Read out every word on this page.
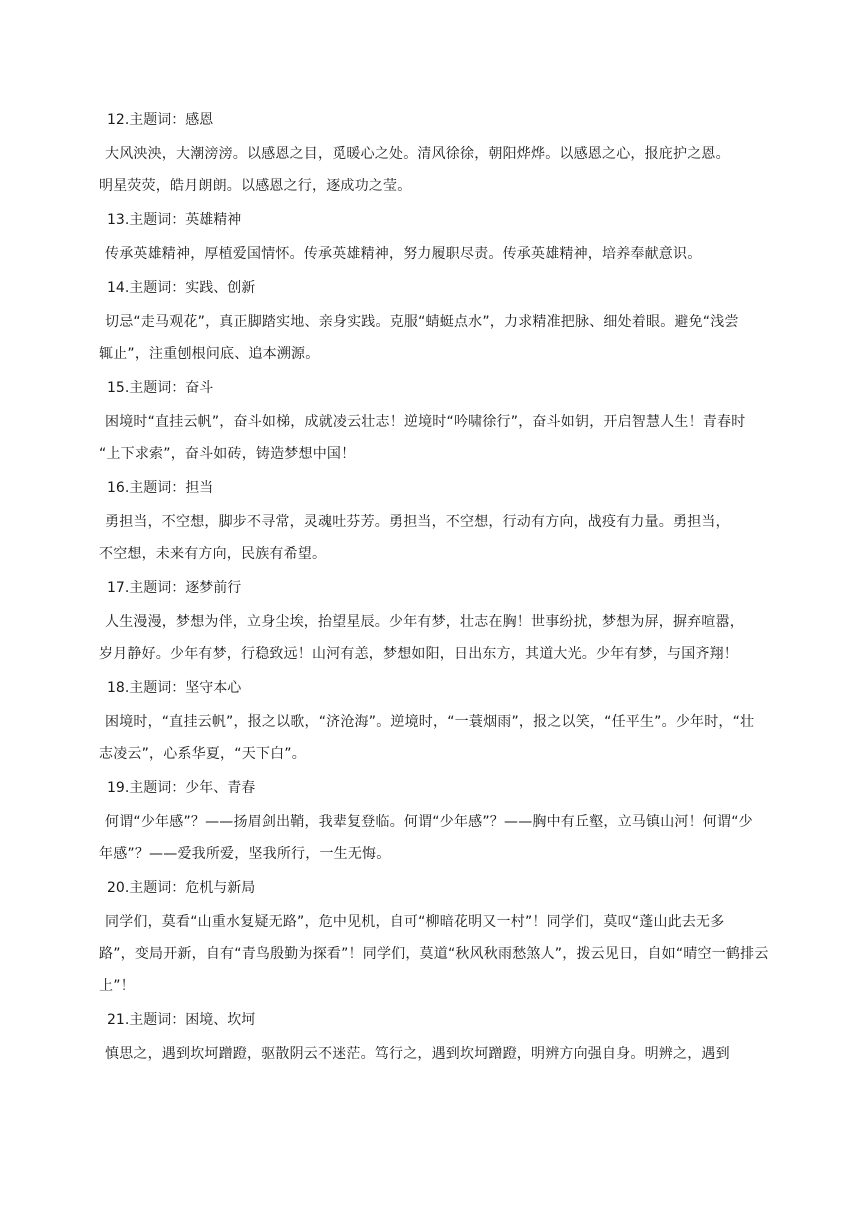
12.主题词：感恩

大风泱泱，大潮滂滂。以感恩之目，觅暖心之处。清风徐徐，朝阳烨烨。以感恩之心，报庇护之恩。
明星荧荧，皓月朗朗。以感恩之行，逐成功之莹。

13.主题词：英雄精神

传承英雄精神，厚植爱国情怀。传承英雄精神，努力履职尽责。传承英雄精神，培养奉献意识。

14.主题词：实践、创新

切忌“走马观花”，真正脚踏实地、亲身实践。克服“蜻蜓点水”，力求精准把脉、细处着眼。避免“浅尝
辄止”，注重刨根问底、追本溯源。

15.主题词：奋斗

困境时“直挂云帆”，奋斗如梯，成就凌云壮志！逆境时“吟啸徐行”，奋斗如钥，开启智慧人生！青春时
“上下求索”，奋斗如砖，铸造梦想中国！

16.主题词：担当

勇担当，不空想，脚步不寻常，灵魂吐芬芳。勇担当，不空想，行动有方向，战疫有力量。勇担当，
不空想，未来有方向，民族有希望。

17.主题词：逐梦前行

人生漫漫，梦想为伴，立身尘埃，抬望星辰。少年有梦，壮志在胸！世事纷扰，梦想为屏，摒弃喧嚣，
岁月静好。少年有梦，行稳致远！山河有恙，梦想如阳，日出东方，其道大光。少年有梦，与国齐翔！

18.主题词：坚守本心

困境时，“直挂云帆”，报之以歌，“济沧海”。逆境时，“一蓑烟雨”，报之以笑，“任平生”。少年时，“壮
志凌云”，心系华夏，“天下白”。

19.主题词：少年、青春

何谓“少年感”？——扬眉剑出鞘，我辈复登临。何谓“少年感”？——胸中有丘壑，立马镇山河！何谓“少
年感”？——爱我所爱，坚我所行，一生无悔。

20.主题词：危机与新局

同学们，莫看“山重水复疑无路”，危中见机，自可“柳暗花明又一村”！同学们，莫叹“蓬山此去无多
路”，变局开新，自有“青鸟殷勤为探看”！同学们，莫道“秋风秋雨愁煞人”，拨云见日，自如“晴空一鹤排云
上”！

21.主题词：困境、坎坷

慎思之，遇到坎坷蹭蹬，驱散阴云不迷茫。笃行之，遇到坎坷蹭蹬，明辨方向强自身。明辨之，遇到
